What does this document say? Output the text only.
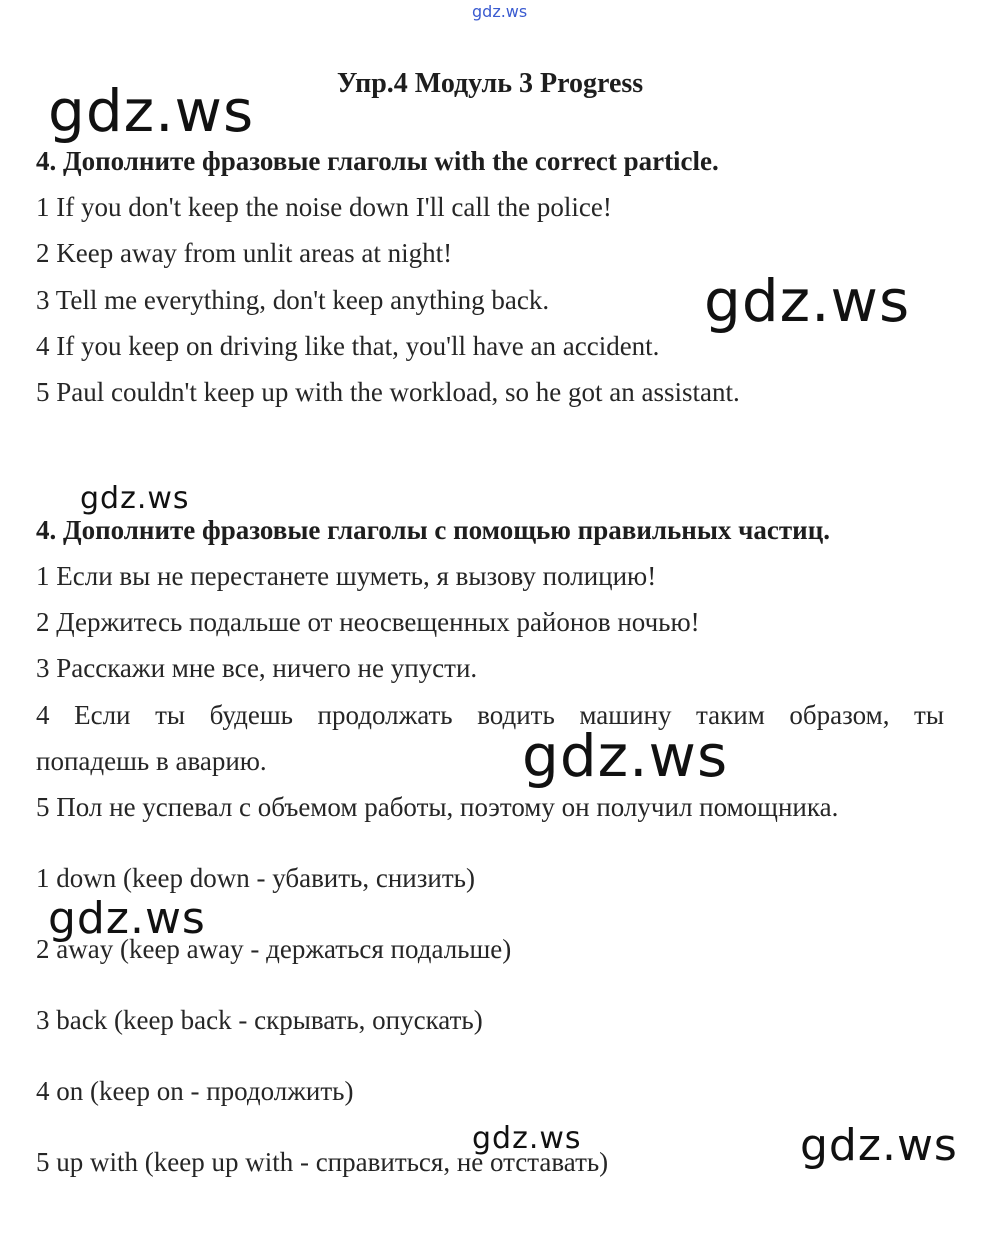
gdz.ws
Упр.4 Модуль 3 Progress
4. Дополните фразовые глаголы with the correct particle.
1 If you don't keep the noise down I'll call the police!
2 Keep away from unlit areas at night!
3 Tell me everything, don't keep anything back.
4 If you keep on driving like that, you'll have an accident.
5 Paul couldn't keep up with the workload, so he got an assistant.
4. Дополните фразовые глаголы с помощью правильных частиц.
1 Если вы не перестанете шуметь, я вызову полицию!
2 Держитесь подальше от неосвещенных районов ночью!
3 Расскажи мне все, ничего не упусти.
4 Если ты будешь продолжать водить машину таким образом, ты
попадешь в аварию.
5 Пол не успевал с объемом работы, поэтому он получил помощника.
1 down (keep down - убавить, снизить)
2 away (keep away - держаться подальше)
3 back (keep back - скрывать, опускать)
4 on (keep on - продолжить)
5 up with (keep up with - справиться, не отставать)
gdz.ws
gdz.ws
gdz.ws
gdz.ws
gdz.ws
gdz.ws	gdz.ws
